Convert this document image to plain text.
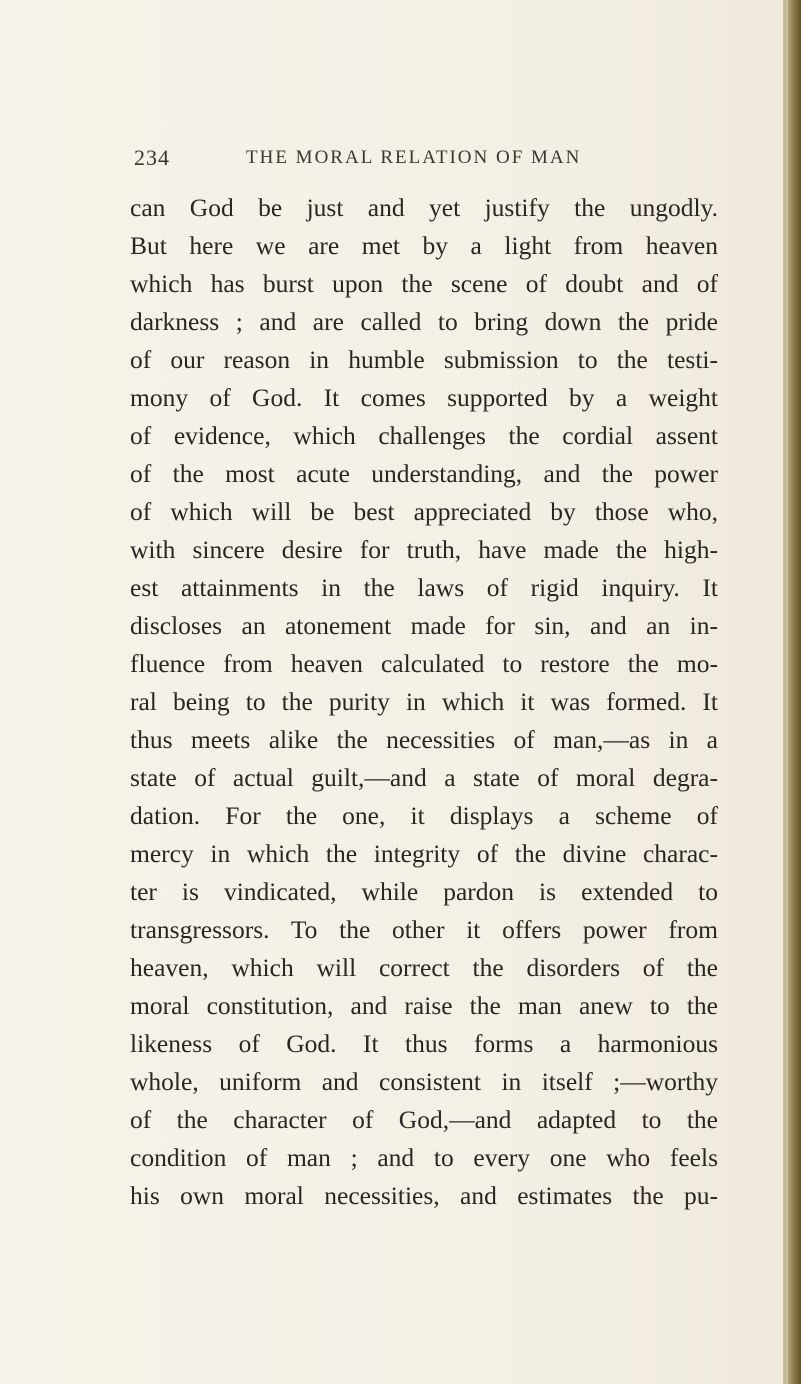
234	THE MORAL RELATION OF MAN
can God be just and yet justify the ungodly.
But here we are met by a light from heaven
which has burst upon the scene of doubt and of
darkness ; and are called to bring down the pride
of our reason in humble submission to the testi-
mony of God. It comes supported by a weight
of evidence, which challenges the cordial assent
of the most acute understanding, and the power
of which will be best appreciated by those who,
with sincere desire for truth, have made the high-
est attainments in the laws of rigid inquiry. It
discloses an atonement made for sin, and an in-
fluence from heaven calculated to restore the mo-
ral being to the purity in which it was formed. It
thus meets alike the necessities of man,—as in a
state of actual guilt,—and a state of moral degra-
dation. For the one, it displays a scheme of
mercy in which the integrity of the divine charac-
ter is vindicated, while pardon is extended to
transgressors. To the other it offers power from
heaven, which will correct the disorders of the
moral constitution, and raise the man anew to the
likeness of God. It thus forms a harmonious
whole, uniform and consistent in itself ;—worthy
of the character of God,—and adapted to the
condition of man ; and to every one who feels
his own moral necessities, and estimates the pu-
